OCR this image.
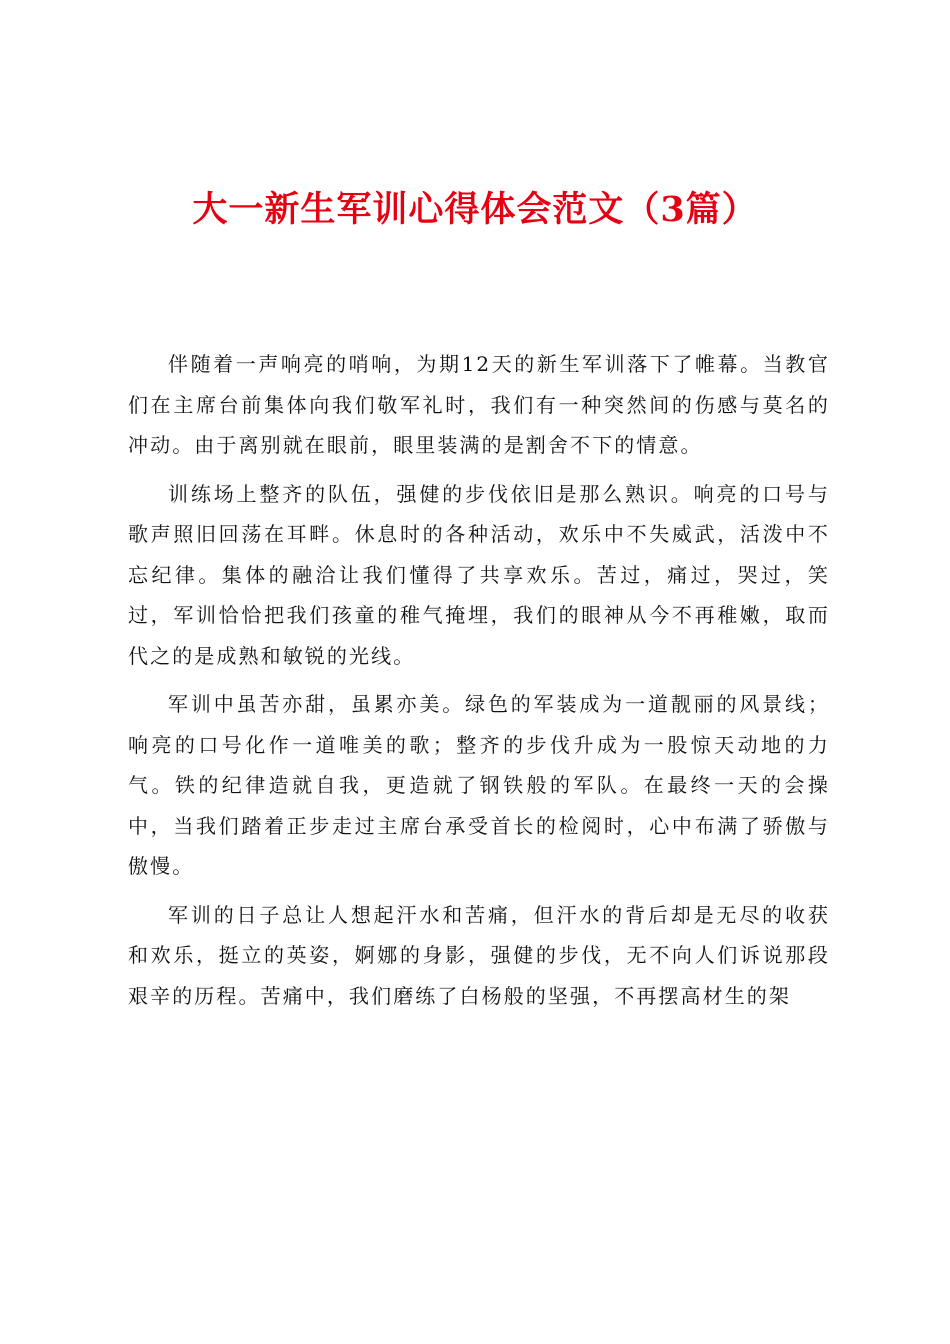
大一新生军训心得体会范文（3篇）

伴随着一声响亮的哨响，为期12天的新生军训落下了帷幕。当教官们在主席台前集体向我们敬军礼时，我们有一种突然间的伤感与莫名的冲动。由于离别就在眼前，眼里装满的是割舍不下的情意。

训练场上整齐的队伍，强健的步伐依旧是那么熟识。响亮的口号与歌声照旧回荡在耳畔。休息时的各种活动，欢乐中不失威武，活泼中不忘纪律。集体的融洽让我们懂得了共享欢乐。苦过，痛过，哭过，笑过，军训恰恰把我们孩童的稚气掩埋，我们的眼神从今不再稚嫩，取而代之的是成熟和敏锐的光线。

军训中虽苦亦甜，虽累亦美。绿色的军装成为一道靓丽的风景线；响亮的口号化作一道唯美的歌；整齐的步伐升成为一股惊天动地的力气。铁的纪律造就自我，更造就了钢铁般的军队。在最终一天的会操中，当我们踏着正步走过主席台承受首长的检阅时，心中布满了骄傲与傲慢。

军训的日子总让人想起汗水和苦痛，但汗水的背后却是无尽的收获和欢乐，挺立的英姿，婀娜的身影，强健的步伐，无不向人们诉说那段艰辛的历程。苦痛中，我们磨练了白杨般的坚强，不再摆高材生的架
